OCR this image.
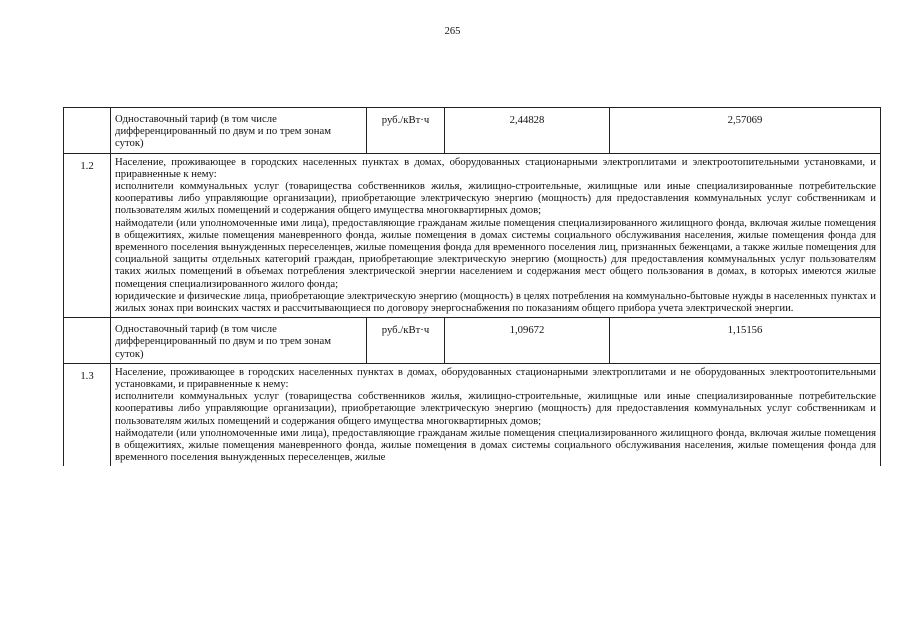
265
	Одноставочный тариф (в том числе дифференцированный по двум и по трем зонам суток)	руб./кВт·ч	2,44828	2,57069
1.2	Население, проживающее в городских населенных пунктах в домах, оборудованных стационарными электроплитами и электроотопительными установками, и приравненные к нему:

исполнители коммунальных услуг (товарищества собственников жилья, жилищно-строительные, жилищные или иные специализированные потребительские кооперативы либо управляющие организации), приобретающие электрическую энергию (мощность) для предоставления коммунальных услуг собственникам и пользователям жилых помещений и содержания общего имущества многоквартирных домов;

наймодатели (или уполномоченные ими лица), предоставляющие гражданам жилые помещения специализированного жилищного фонда, включая жилые помещения в общежитиях, жилые помещения маневренного фонда, жилые помещения в домах системы социального обслуживания населения, жилые помещения фонда для временного поселения вынужденных переселенцев, жилые помещения фонда для временного поселения лиц, признанных беженцами, а также жилые помещения для социальной защиты отдельных категорий граждан, приобретающие электрическую энергию (мощность) для предоставления коммунальных услуг пользователям таких жилых помещений в объемах потребления электрической энергии населением и содержания мест общего пользования в домах, в которых имеются жилые помещения специализированного жилого фонда;

юридические и физические лица, приобретающие электрическую энергию (мощность) в целях потребления на коммунально-бытовые нужды в населенных пунктах и жилых зонах при воинских частях и рассчитывающиеся по договору энергоснабжения по показаниям общего прибора учета электрической энергии.			

	Одноставочный тариф (в том числе дифференцированный по двум и по трем зонам суток)	руб./кВт·ч	1,09672	1,15156
1.3	Население, проживающее в городских населенных пунктах в домах, оборудованных стационарными электроплитами и не оборудованных электроотопительными установками, и приравненные к нему:

исполнители коммунальных услуг (товарищества собственников жилья, жилищно-строительные, жилищные или иные специализированные потребительские кооперативы либо управляющие организации), приобретающие электрическую энергию (мощность) для предоставления коммунальных услуг собственникам и пользователям жилых помещений и содержания общего имущества многоквартирных домов;

наймодатели (или уполномоченные ими лица), предоставляющие гражданам жилые помещения специализированного жилищного фонда, включая жилые помещения в общежитиях, жилые помещения маневренного фонда, жилые помещения в домах системы социального обслуживания населения, жилые помещения фонда для временного поселения вынужденных переселенцев, жилые			
